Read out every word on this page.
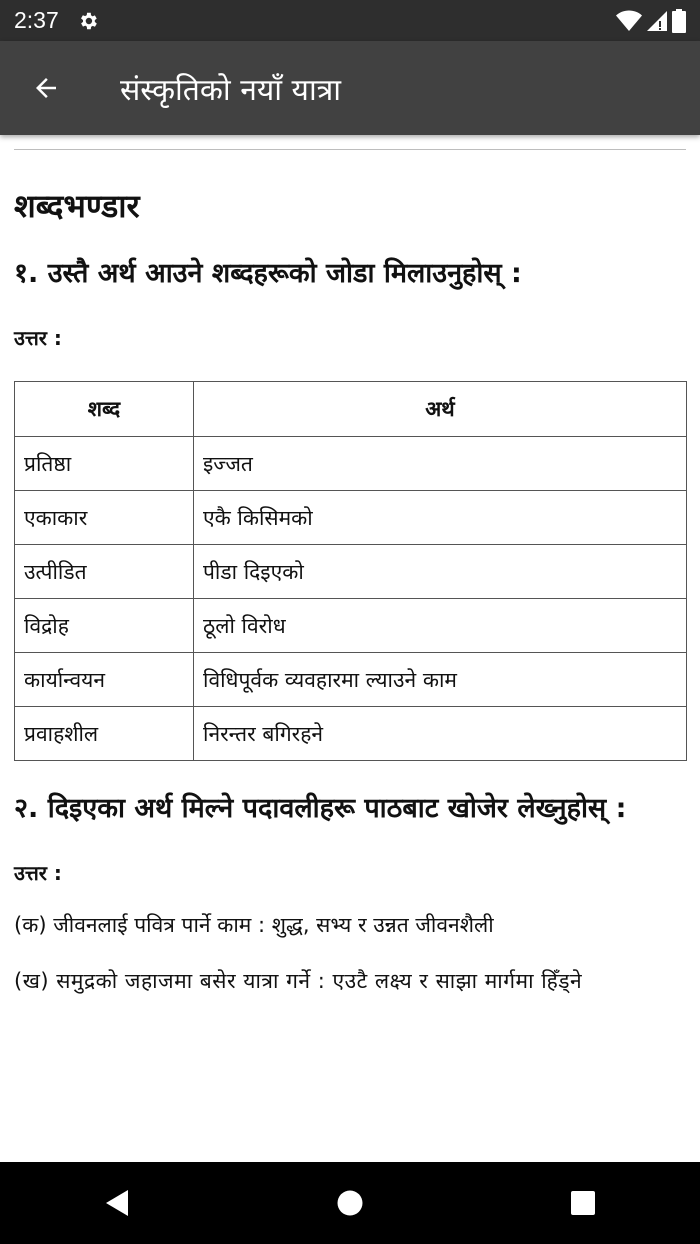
2:37
संस्कृतिको नयाँ यात्रा
शब्दभण्डार
१. उस्तै अर्थ आउने शब्दहरूको जोडा मिलाउनुहोस् :
उत्तर :
शब्द	अर्थ
प्रतिष्ठा	इज्जत
एकाकार	एकै किसिमको
उत्पीडित	पीडा दिइएको
विद्रोह	ठूलो विरोध
कार्यान्वयन	विधिपूर्वक व्यवहारमा ल्याउने काम
प्रवाहशील	निरन्तर बगिरहने
२. दिइएका अर्थ मिल्ने पदावलीहरू पाठबाट खोजेर लेख्नुहोस् :
उत्तर :

(क) जीवनलाई पवित्र पार्ने काम : शुद्ध, सभ्य र उन्नत जीवनशैली

(ख) समुद्रको जहाजमा बसेर यात्रा गर्ने : एउटै लक्ष्य र साझा मार्गमा हिँड्ने
